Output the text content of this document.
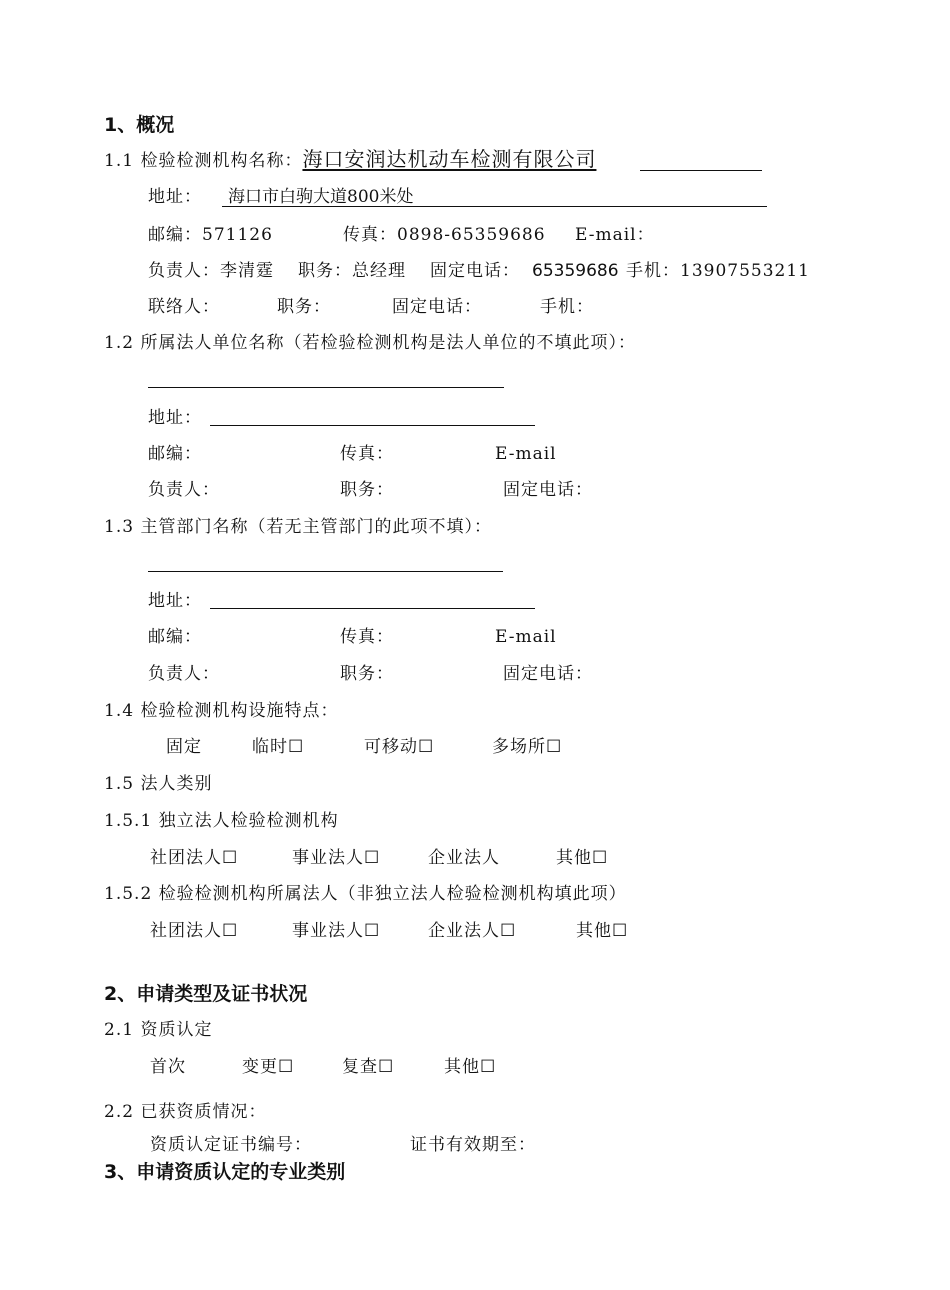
1、概况
1.1 检验检测机构名称：海口安润达机动车检测有限公司
地址： 海口市白驹大道800米处
邮编：571126	传真：0898-65359686 E-mail：
负责人：李清霆 职务：总经理 固定电话： 65359686 手机：13907553211
联络人：	职务：	固定电话：	手机：
1.2 所属法人单位名称（若检验检测机构是法人单位的不填此项）：
地址：
邮编：	传真：	E-mail
负责人：	职务：	固定电话：
1.3 主管部门名称（若无主管部门的此项不填）：
地址：
邮编：	传真：	E-mail
负责人：	职务：	固定电话：
1.4 检验检测机构设施特点：
固定	临时☐	可移动☐	多场所☐
1.5 法人类别
1.5.1 独立法人检验检测机构
社团法人☐	事业法人☐	企业法人	其他☐
1.5.2 检验检测机构所属法人（非独立法人检验检测机构填此项）
社团法人☐	事业法人☐	企业法人☐	其他☐
2、申请类型及证书状况
2.1 资质认定
首次	变更☐	复查☐	其他☐
2.2 已获资质情况：
资质认定证书编号：	证书有效期至：
3、申请资质认定的专业类别
